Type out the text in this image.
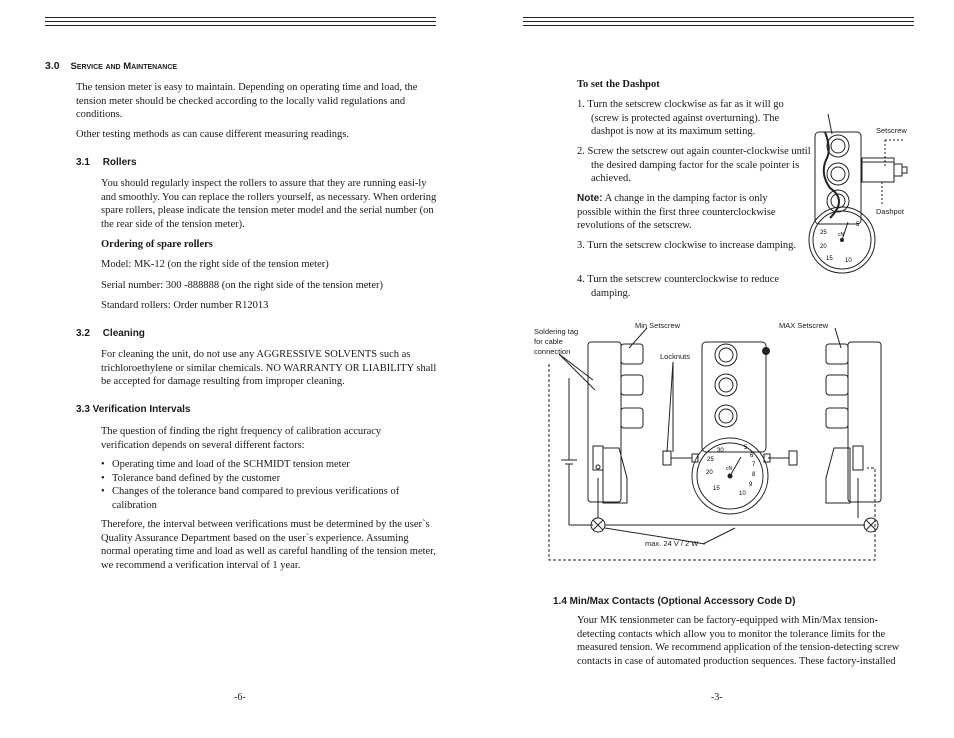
3.0 Service and Maintenance
The tension meter is easy to maintain. Depending on operating time and load, the tension meter should be checked according to the locally valid regulations and conditions.
Other testing methods as can cause different measuring readings.
3.1 Rollers
You should regularly inspect the rollers to assure that they are running easi-ly and smoothly. You can replace the rollers yourself, as necessary. When ordering spare rollers, please indicate the tension meter model and the serial number (on the rear side of the tension meter).
Ordering of spare rollers
Model: MK-12 (on the right side of the tension meter)
Serial number: 300 -888888 (on the right side of the tension meter)
Standard rollers: Order number R12013
3.2 Cleaning
For cleaning the unit, do not use any AGGRESSIVE SOLVENTS such as trichloroethylene or similar chemicals. NO WARRANTY OR LIABILITY shall be accepted for damage resulting from improper cleaning.
3.3 Verification Intervals
The question of finding the right frequency of calibration accuracy verification depends on several different factors:
• Operating time and load of the SCHMIDT tension meter
• Tolerance band defined by the customer
• Changes of the tolerance band compared to previous verifications of calibration
Therefore, the interval between verifications must be determined by the user`s Quality Assurance Department based on the user`s experience. Assuming normal operating time and load as well as careful handling of the tension meter, we recommend a verification interval of 1 year.
-6-
To set the Dashpot
1. Turn the setscrew clockwise as far as it will go (screw is protected against overturning). The dashpot is now at its maximum setting.
2. Screw the setscrew out again counter-clockwise until the desired damping factor for the scale pointer is achieved.
Note: A change in the damping factor is only possible within the first three counterclockwise revolutions of the setscrew.
3. Turn the setscrew clockwise to increase damping.
4. Turn the setscrew counterclockwise to reduce damping.
25
20
15 10
5
cN
Setscrew
Dashpot
30
25
20
15
10
9
8
7
6
5
cN
Soldering tag
for cable
connection
Min Setscrew	MAX Setscrew
Locknuts
max. 24 V / 2 W
1.4 Min/Max Contacts (Optional Accessory Code D)
Your MK tensionmeter can be factory-equipped with Min/Max tension-detecting contacts which allow you to monitor the tolerance limits for the measured tension. We recommend application of the tension-detecting screw contacts in case of automated production sequences. These factory-installed
-3-
